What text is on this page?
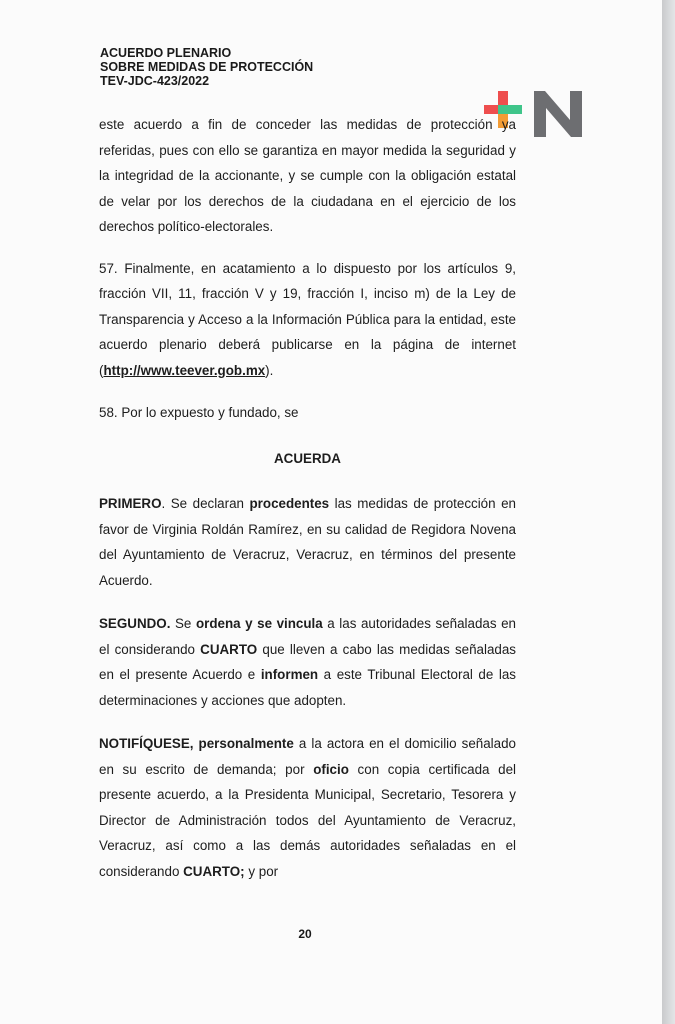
ACUERDO PLENARIO
SOBRE MEDIDAS DE PROTECCIÓN
TEV-JDC-423/2022

este acuerdo a fin de conceder las medidas de protección ya referidas, pues con ello se garantiza en mayor medida la seguridad y la integridad de la accionante, y se cumple con la obligación estatal de velar por los derechos de la ciudadana en el ejercicio de los derechos político-electorales.

57. Finalmente, en acatamiento a lo dispuesto por los artículos 9, fracción VII, 11, fracción V y 19, fracción I, inciso m) de la Ley de Transparencia y Acceso a la Información Pública para la entidad, este acuerdo plenario deberá publicarse en la página de internet (http://www.teever.gob.mx).

58. Por lo expuesto y fundado, se

ACUERDA

PRIMERO. Se declaran procedentes las medidas de protección en favor de Virginia Roldán Ramírez, en su calidad de Regidora Novena del Ayuntamiento de Veracruz, Veracruz, en términos del presente Acuerdo.

SEGUNDO. Se ordena y se vincula a las autoridades señaladas en el considerando CUARTO que lleven a cabo las medidas señaladas en el presente Acuerdo e informen a este Tribunal Electoral de las determinaciones y acciones que adopten.

NOTIFÍQUESE, personalmente a la actora en el domicilio señalado en su escrito de demanda; por oficio con copia certificada del presente acuerdo, a la Presidenta Municipal, Secretario, Tesorera y Director de Administración todos del Ayuntamiento de Veracruz, Veracruz, así como a las demás autoridades señaladas en el considerando CUARTO; y por

20
